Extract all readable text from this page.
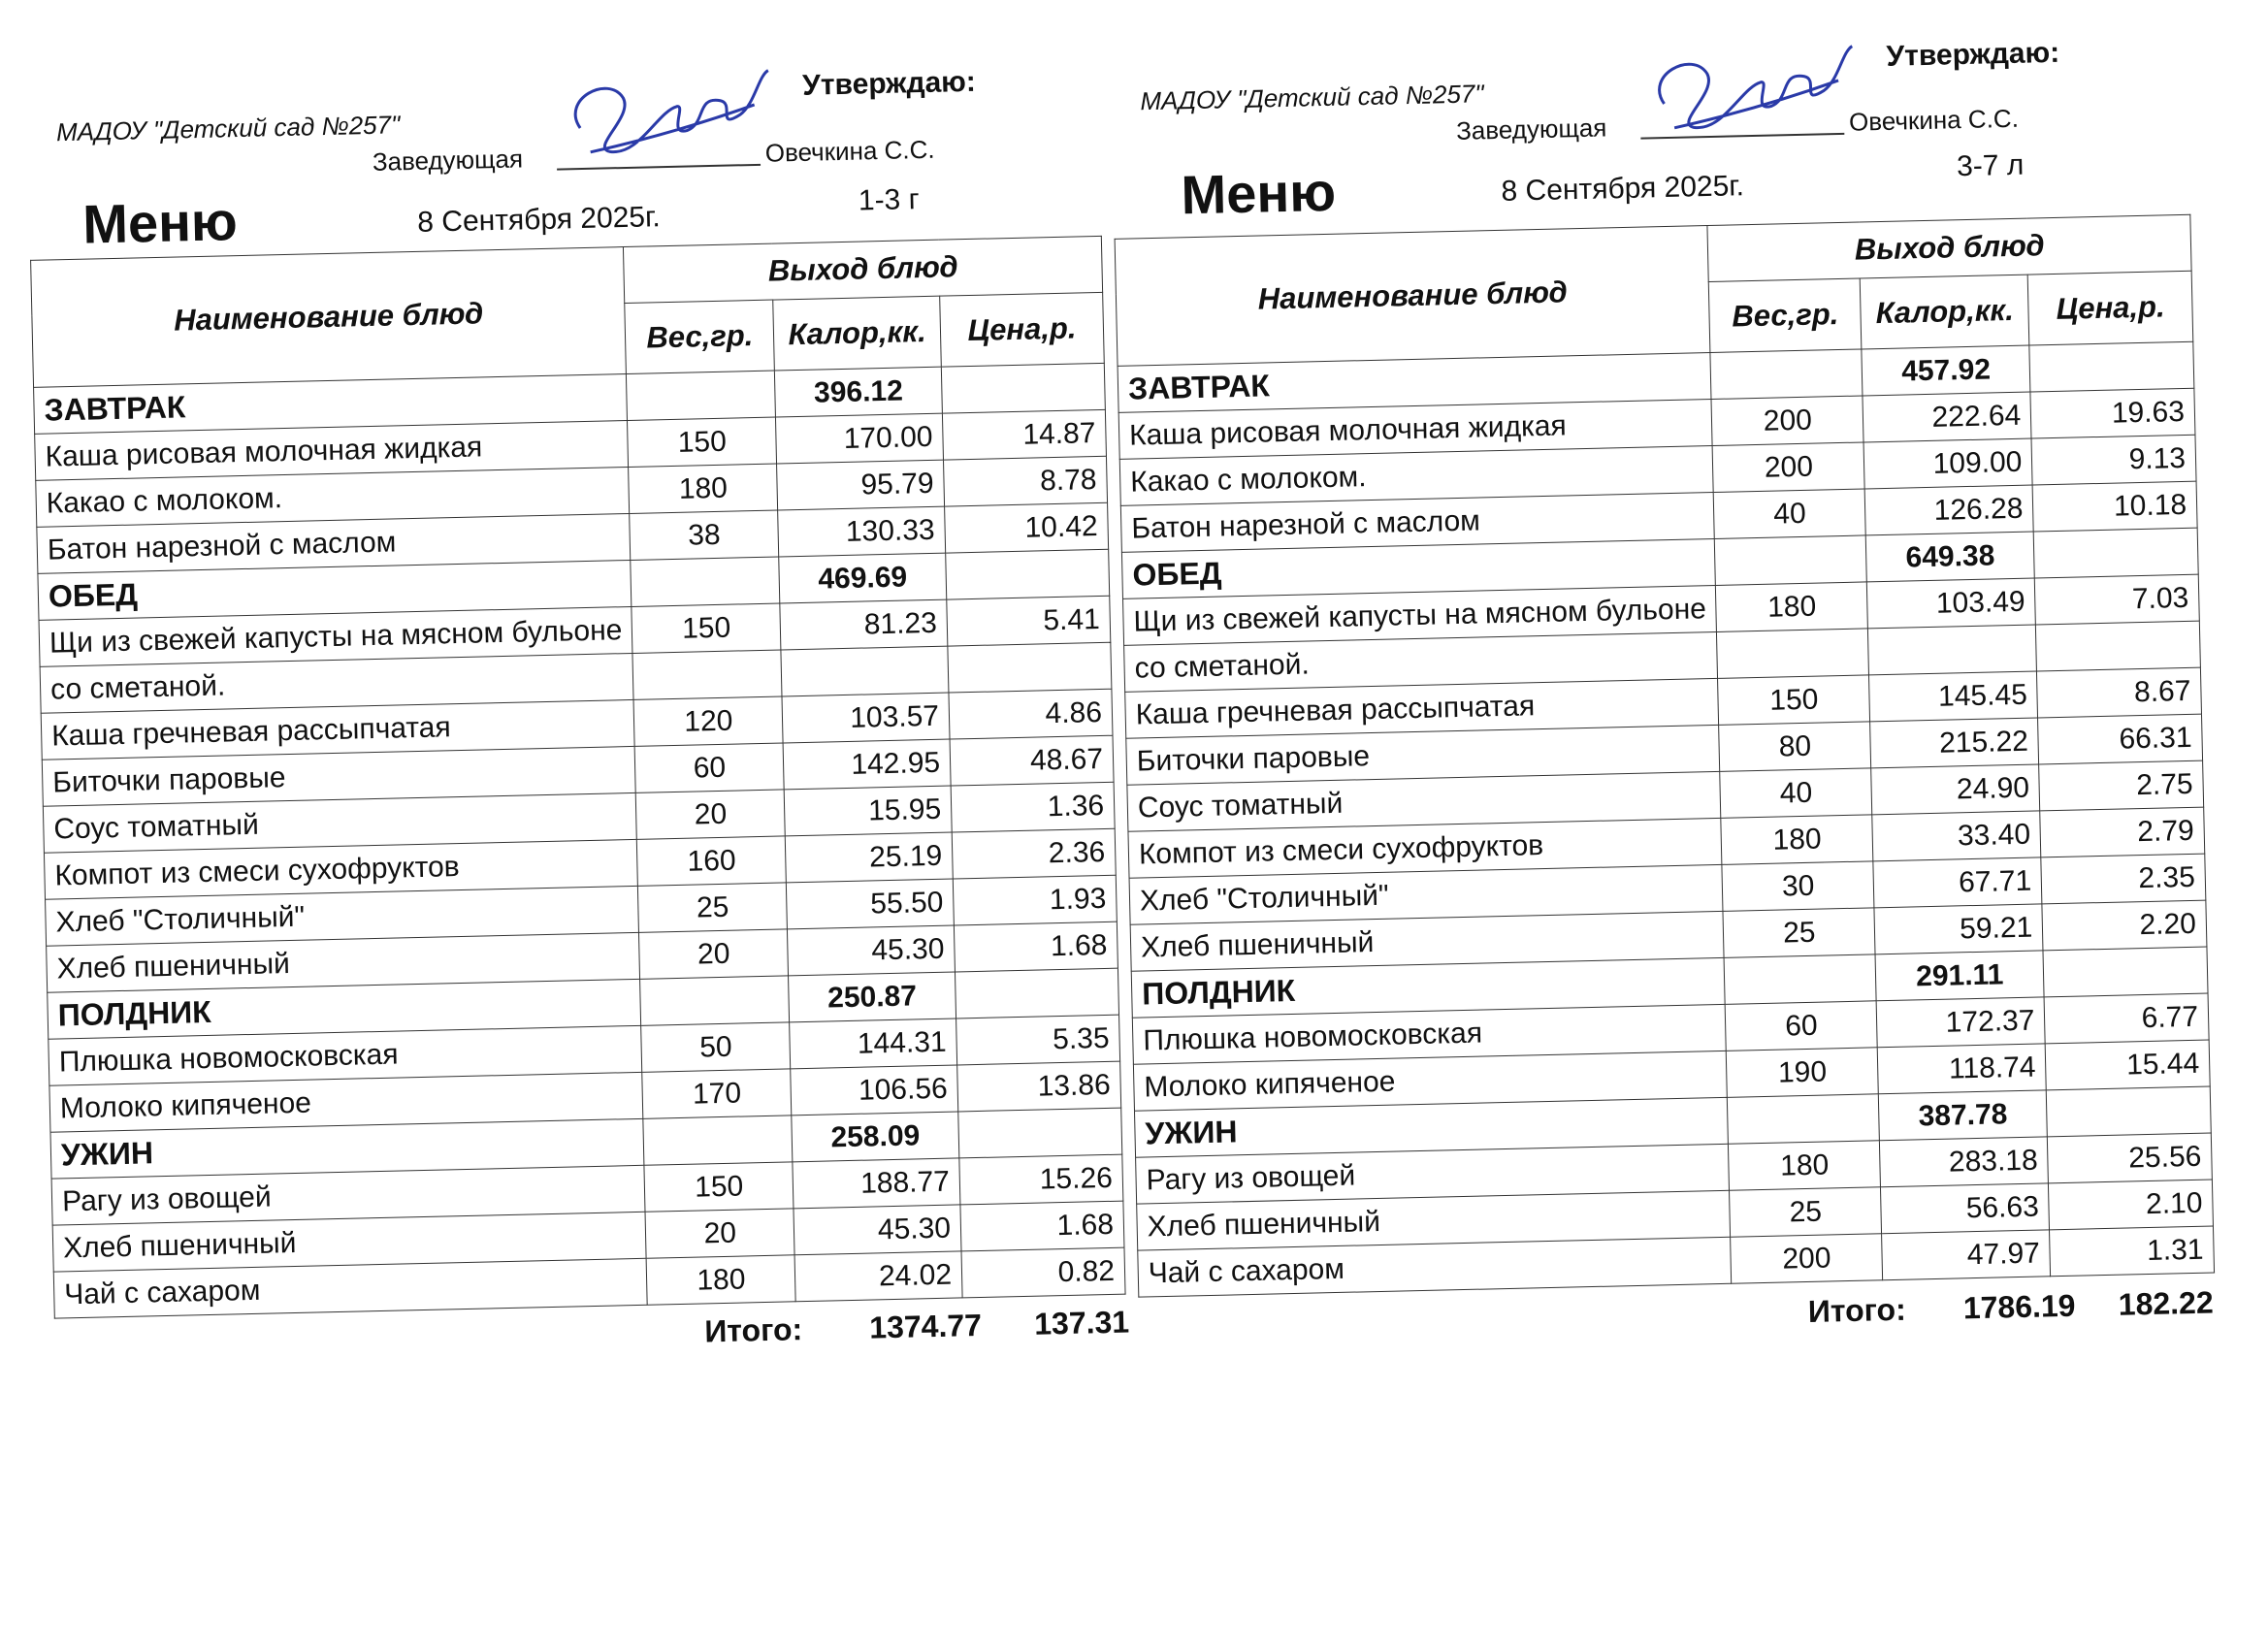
МАДОУ "Детский сад №257"
Утверждаю:
Заведующая	Овечкина С.С.
Меню	8 Сентября 2025г.
1-3 г
Наименование блюд	Выход блюд		
	Вес,гр.	Калор,кк.	Цена,р.
ЗАВТРАК		396.12	
Каша рисовая молочная жидкая	150	170.00	14.87
Какао с молоком.	180	95.79	8.78
Батон нарезной с маслом	38	130.33	10.42
ОБЕД		469.69	
Щи из свежей капусты на мясном бульоне	150	81.23	5.41
со сметаной.			
Каша гречневая рассыпчатая	120	103.57	4.86
Биточки паровые	60	142.95	48.67
Соус томатный	20	15.95	1.36
Компот из смеси сухофруктов	160	25.19	2.36
Хлеб "Столичный"	25	55.50	1.93
Хлеб пшеничный	20	45.30	1.68
ПОЛДНИК		250.87	
Плюшка новомосковская	50	144.31	5.35
Молоко кипяченое	170	106.56	13.86
УЖИН		258.09	
Рагу из овощей	150	188.77	15.26
Хлеб пшеничный	20	45.30	1.68
Чай с сахаром	180	24.02	0.82
Итого: 1374.77 137.31
МАДОУ "Детский сад №257"
Утверждаю:
Заведующая	Овечкина С.С.
Меню	8 Сентября 2025г.
3-7 л
Наименование блюд	Выход блюд		
	Вес,гр.	Калор,кк.	Цена,р.
ЗАВТРАК		457.92	
Каша рисовая молочная жидкая	200	222.64	19.63
Какао с молоком.	200	109.00	9.13
Батон нарезной с маслом	40	126.28	10.18
ОБЕД		649.38	
Щи из свежей капусты на мясном бульоне	180	103.49	7.03
со сметаной.			
Каша гречневая рассыпчатая	150	145.45	8.67
Биточки паровые	80	215.22	66.31
Соус томатный	40	24.90	2.75
Компот из смеси сухофруктов	180	33.40	2.79
Хлеб "Столичный"	30	67.71	2.35
Хлеб пшеничный	25	59.21	2.20
ПОЛДНИК		291.11	
Плюшка новомосковская	60	172.37	6.77
Молоко кипяченое	190	118.74	15.44
УЖИН		387.78	
Рагу из овощей	180	283.18	25.56
Хлеб пшеничный	25	56.63	2.10
Чай с сахаром	200	47.97	1.31
Итого: 1786.19 182.22
